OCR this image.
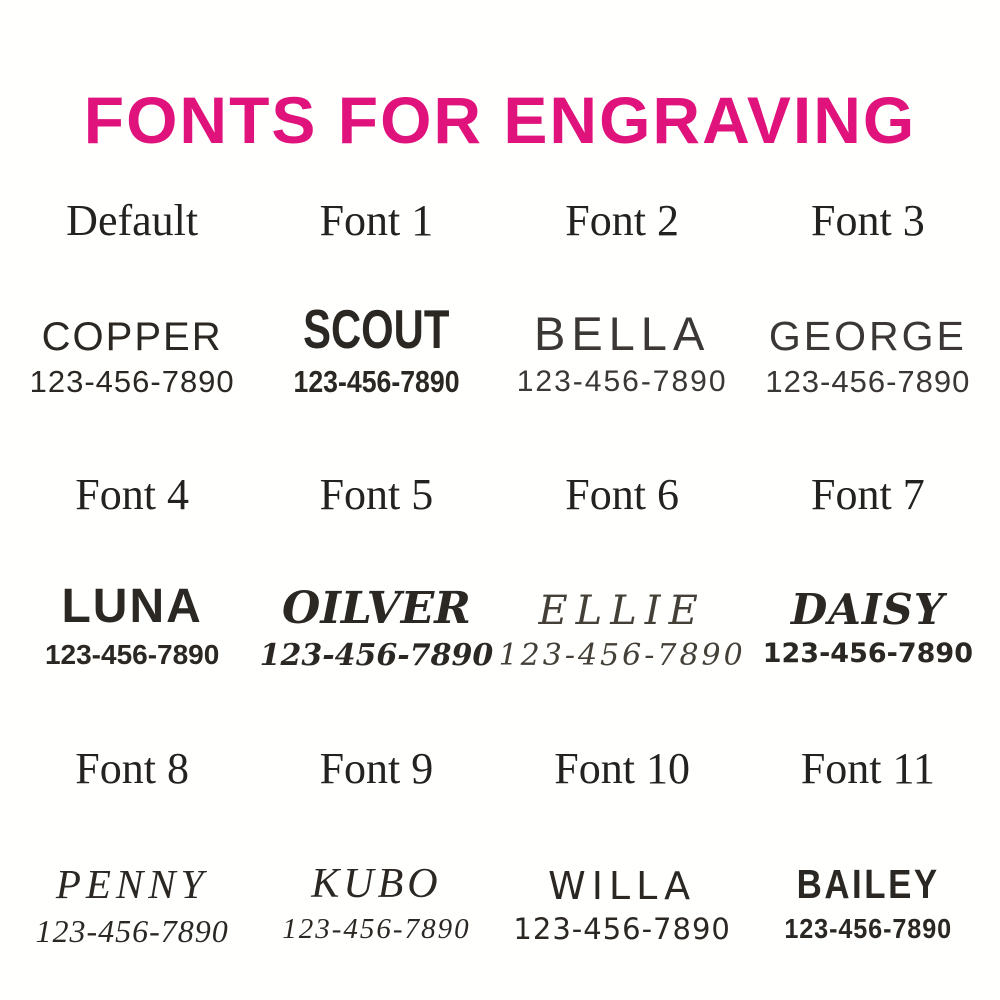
FONTS FOR ENGRAVING
Default
COPPER
123-456-7890
Font 1
SCOUT
123-456-7890
Font 2
BELLA
123-456-7890
Font 3
GEORGE
123-456-7890
Font 4
LUNA
123-456-7890
Font 5
OILVER
123-456-7890
Font 6
ELLIE
123-456-7890
Font 7
DAISY
123-456-7890
Font 8
PENNY
123-456-7890
Font 9
KUBO
123-456-7890
Font 10
WILLA
123-456-7890
Font 11
BAILEY
123-456-7890
